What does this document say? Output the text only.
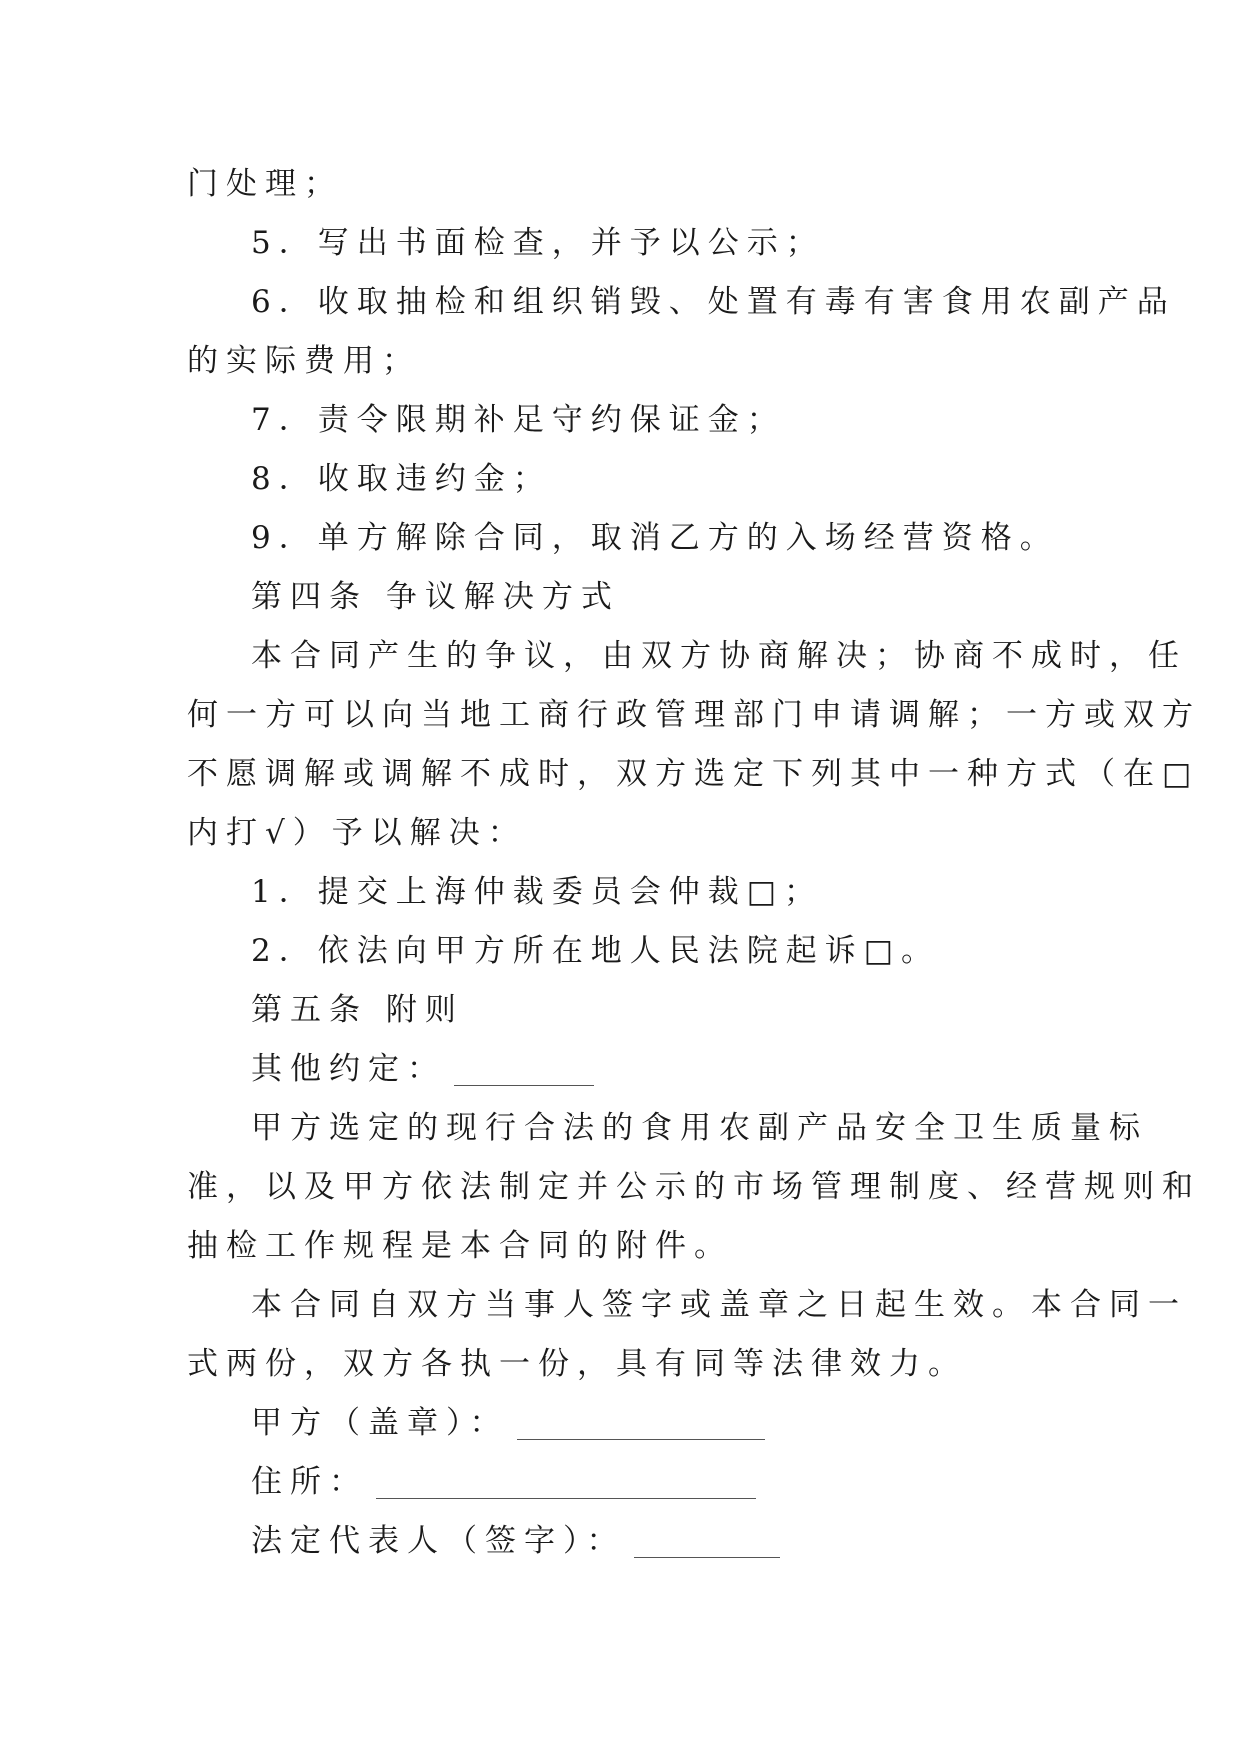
门处理；
5．写出书面检查，并予以公示；
6．收取抽检和组织销毁、处置有毒有害食用农副产品
的实际费用；
7．责令限期补足守约保证金；
8．收取违约金；
9．单方解除合同，取消乙方的入场经营资格。
第四条 争议解决方式
本合同产生的争议，由双方协商解决；协商不成时，任
何一方可以向当地工商行政管理部门申请调解；一方或双方
不愿调解或调解不成时，双方选定下列其中一种方式（在□
内打√）予以解决：
1．提交上海仲裁委员会仲裁□；
2．依法向甲方所在地人民法院起诉□。
第五条 附则
其他约定：
甲方选定的现行合法的食用农副产品安全卫生质量标
准，以及甲方依法制定并公示的市场管理制度、经营规则和
抽检工作规程是本合同的附件。
本合同自双方当事人签字或盖章之日起生效。本合同一
式两份，双方各执一份，具有同等法律效力。
甲方（盖章）：
住所：
法定代表人（签字）：
